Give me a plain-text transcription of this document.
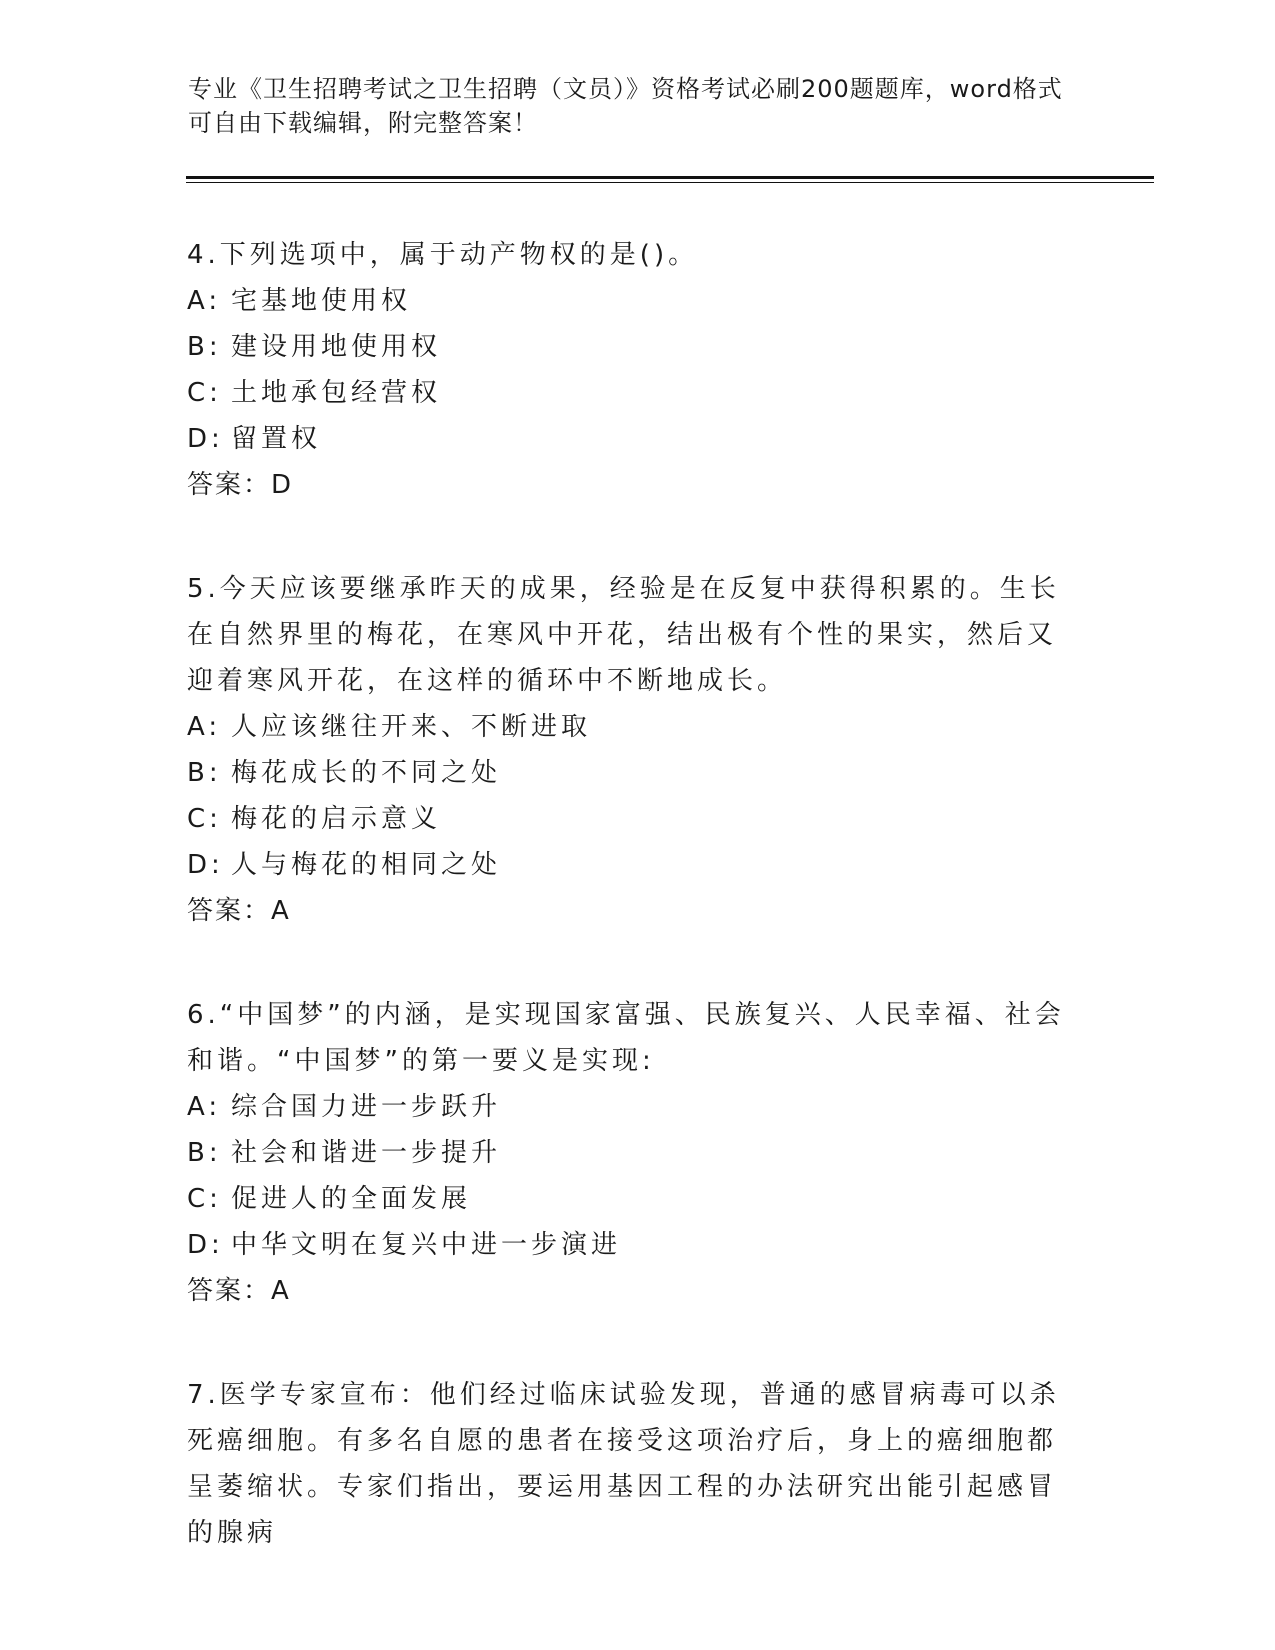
专业《卫生招聘考试之卫生招聘（文员）》资格考试必刷200题题库，word格式
可自由下载编辑，附完整答案！
4.下列选项中，属于动产物权的是()。
A: 宅基地使用权
B: 建设用地使用权
C: 土地承包经营权
D: 留置权
答案：D
5.今天应该要继承昨天的成果，经验是在反复中获得积累的。生长在自然界里的梅花，在寒风中开花，结出极有个性的果实，然后又迎着寒风开花，在这样的循环中不断地成长。
A: 人应该继往开来、不断进取
B: 梅花成长的不同之处
C: 梅花的启示意义
D: 人与梅花的相同之处
答案：A
6.“中国梦”的内涵，是实现国家富强、民族复兴、人民幸福、社会和谐。“中国梦”的第一要义是实现:
A: 综合国力进一步跃升
B: 社会和谐进一步提升
C: 促进人的全面发展
D: 中华文明在复兴中进一步演进
答案：A
7.医学专家宣布：他们经过临床试验发现，普通的感冒病毒可以杀死癌细胞。有多名自愿的患者在接受这项治疗后，身上的癌细胞都呈萎缩状。专家们指出，要运用基因工程的办法研究出能引起感冒的腺病
